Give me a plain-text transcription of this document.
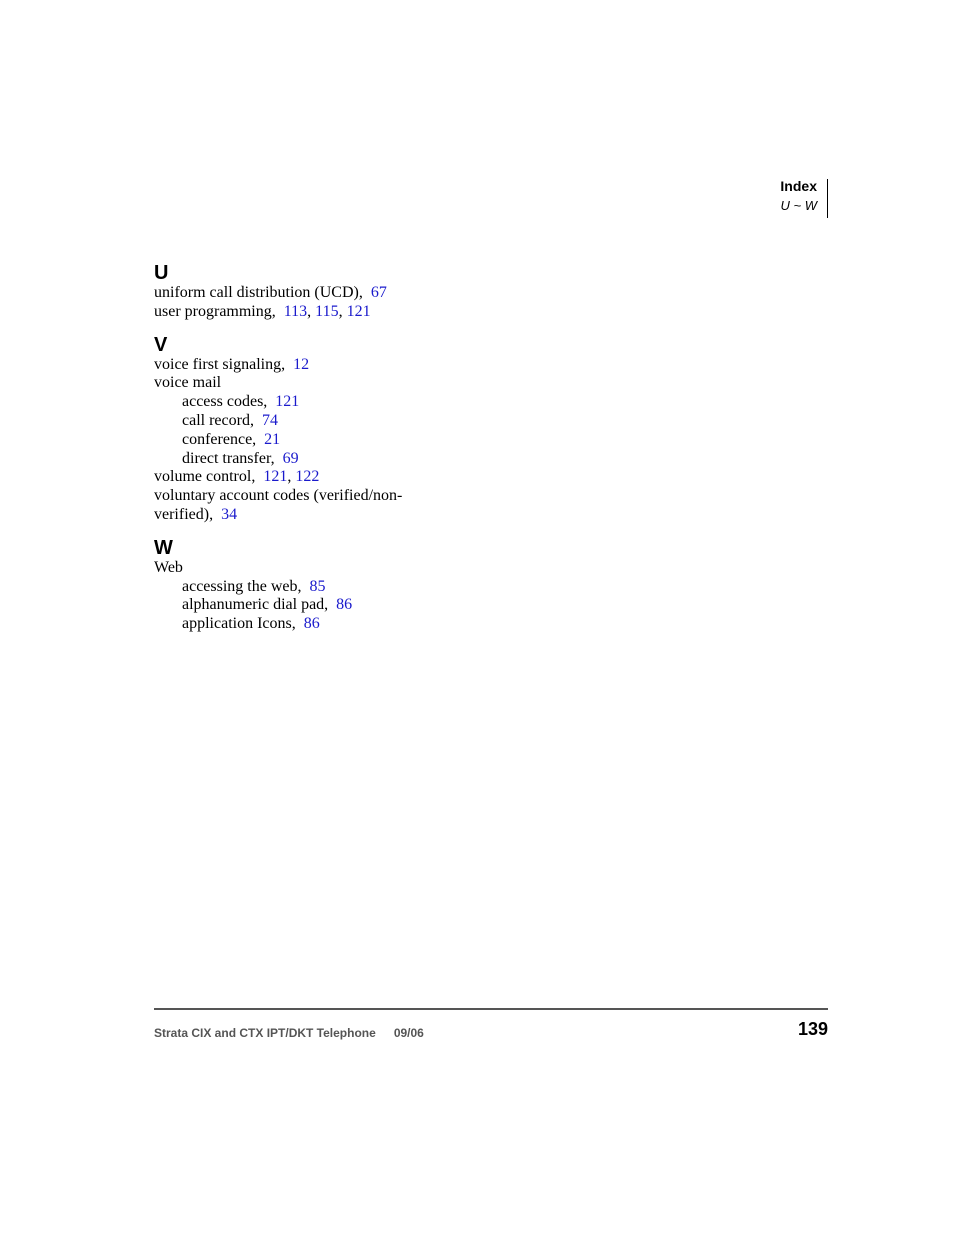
Index
U ~ W
U
uniform call distribution (UCD), 67
user programming, 113, 115, 121
V
voice first signaling, 12
voice mail
access codes, 121
call record, 74
conference, 21
direct transfer, 69
volume control, 121, 122
voluntary account codes (verified/non-
verified), 34
W
Web
accessing the web, 85
alphanumeric dial pad, 86
application Icons, 86
Strata CIX and CTX IPT/DKT Telephone 09/06	139
